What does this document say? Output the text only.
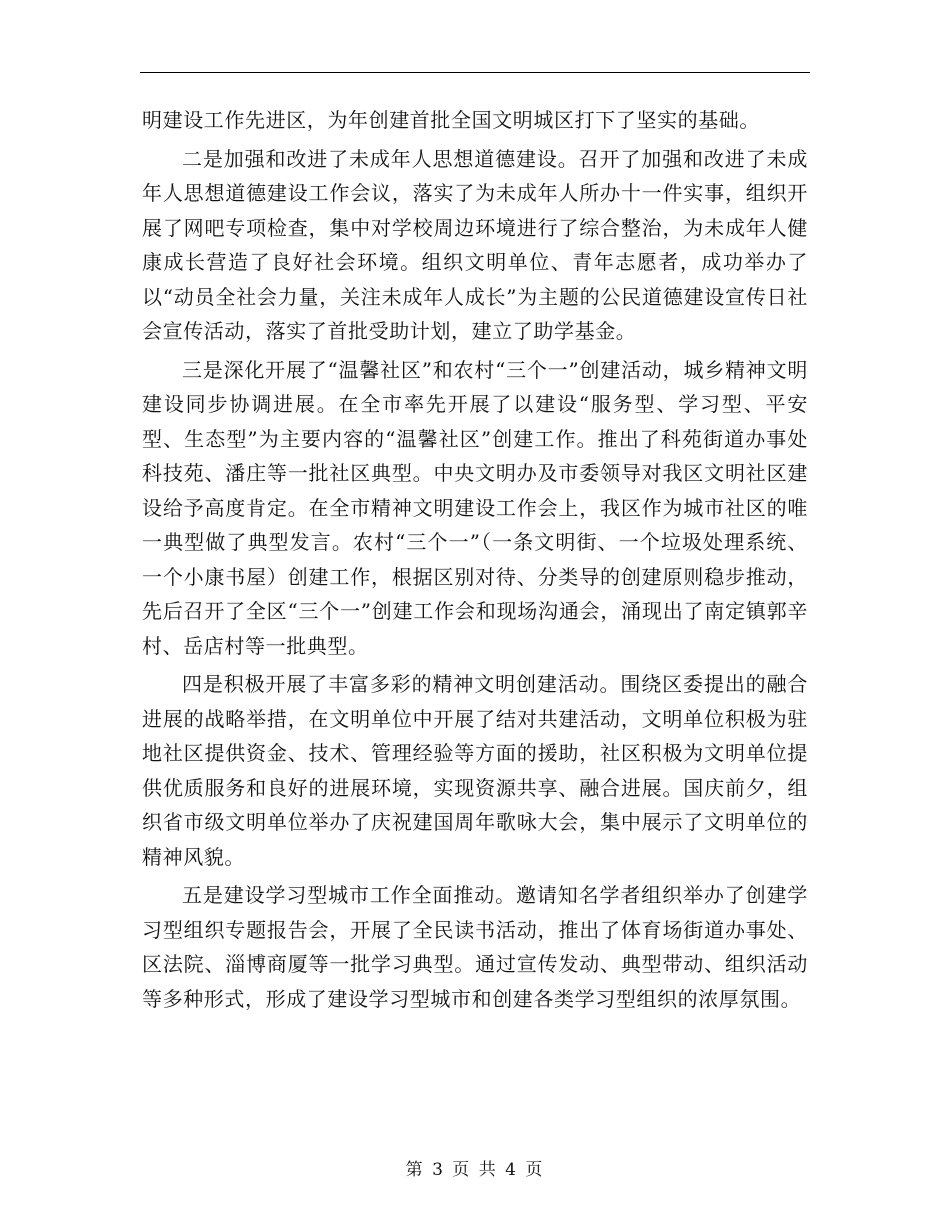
明建设工作先进区，为年创建首批全国文明城区打下了坚实的基础。

二是加强和改进了未成年人思想道德建设。召开了加强和改进了未成年人思想道德建设工作会议，落实了为未成年人所办十一件实事，组织开展了网吧专项检查，集中对学校周边环境进行了综合整治，为未成年人健康成长营造了良好社会环境。组织文明单位、青年志愿者，成功举办了以“动员全社会力量，关注未成年人成长”为主题的公民道德建设宣传日社会宣传活动，落实了首批受助计划，建立了助学基金。

三是深化开展了“温馨社区”和农村“三个一”创建活动，城乡精神文明建设同步协调进展。在全市率先开展了以建设“服务型、学习型、平安型、生态型”为主要内容的“温馨社区”创建工作。推出了科苑街道办事处科技苑、潘庄等一批社区典型。中央文明办及市委领导对我区文明社区建设给予高度肯定。在全市精神文明建设工作会上，我区作为城市社区的唯一典型做了典型发言。农村“三个一”（一条文明街、一个垃圾处理系统、一个小康书屋）创建工作，根据区别对待、分类导的创建原则稳步推动，先后召开了全区“三个一”创建工作会和现场沟通会，涌现出了南定镇郭辛村、岳店村等一批典型。

四是积极开展了丰富多彩的精神文明创建活动。围绕区委提出的融合进展的战略举措，在文明单位中开展了结对共建活动，文明单位积极为驻地社区提供资金、技术、管理经验等方面的援助，社区积极为文明单位提供优质服务和良好的进展环境，实现资源共享、融合进展。国庆前夕，组织省市级文明单位举办了庆祝建国周年歌咏大会，集中展示了文明单位的精神风貌。

五是建设学习型城市工作全面推动。邀请知名学者组织举办了创建学习型组织专题报告会，开展了全民读书活动，推出了体育场街道办事处、区法院、淄博商厦等一批学习典型。通过宣传发动、典型带动、组织活动等多种形式，形成了建设学习型城市和创建各类学习型组织的浓厚氛围。

第 3 页 共 4 页
